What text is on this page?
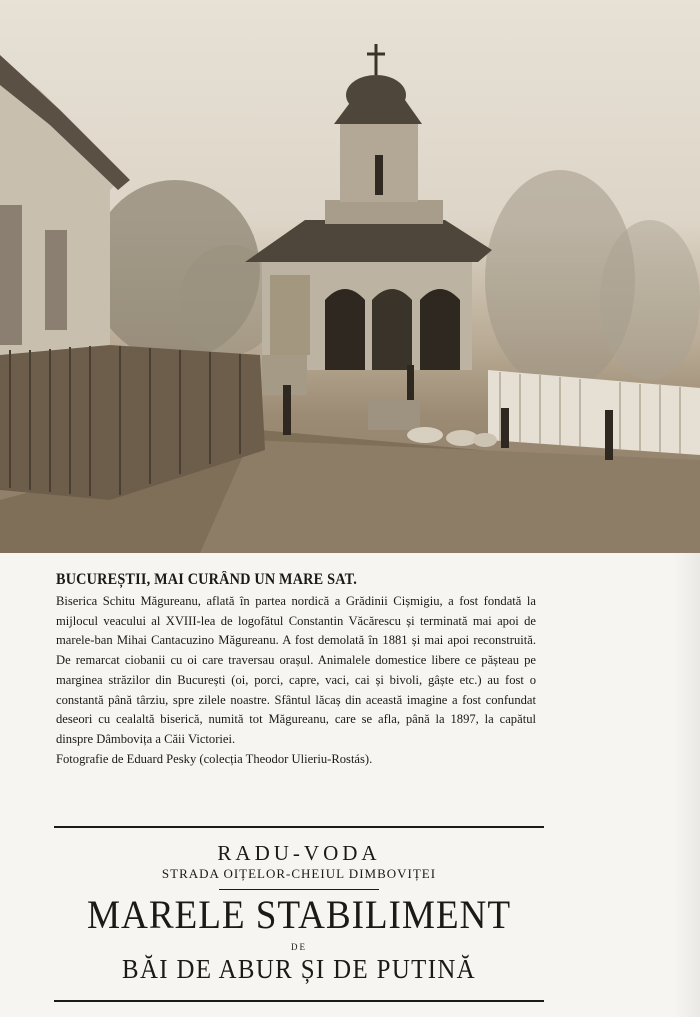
BUCUREȘTII, MAI CURÂND UN MARE SAT.

Biserica Schitu Măgureanu, aflată în partea nordică a Grădinii Cișmigiu, a fost fondată la mijlocul veacului al XVIII-lea de logofătul Constantin Văcărescu și terminată mai apoi de marele-ban Mihai Cantacuzino Măgureanu. A fost demolată în 1881 și mai apoi reconstruită. De remarcat ciobanii cu oi care traversau orașul. Animalele domestice libere ce pășteau pe marginea străzilor din București (oi, porci, capre, vaci, cai și bivoli, gâște etc.) au fost o constantă până târziu, spre zilele noastre. Sfântul lăcaș din această imagine a fost confundat deseori cu cealaltă biserică, numită tot Măgureanu, care se afla, până la 1897, la capătul dinspre Dâmbovița a Căii Victoriei.

Fotografie de Eduard Pesky (colecția Theodor Ulieriu-Rostás).

RADU-VODA
STRADA OIȚELOR-CHEIUL DIMBOVIȚEI
MARELE STABILIMENT
DE
BĂI DE ABUR ȘI DE PUTINĂ
